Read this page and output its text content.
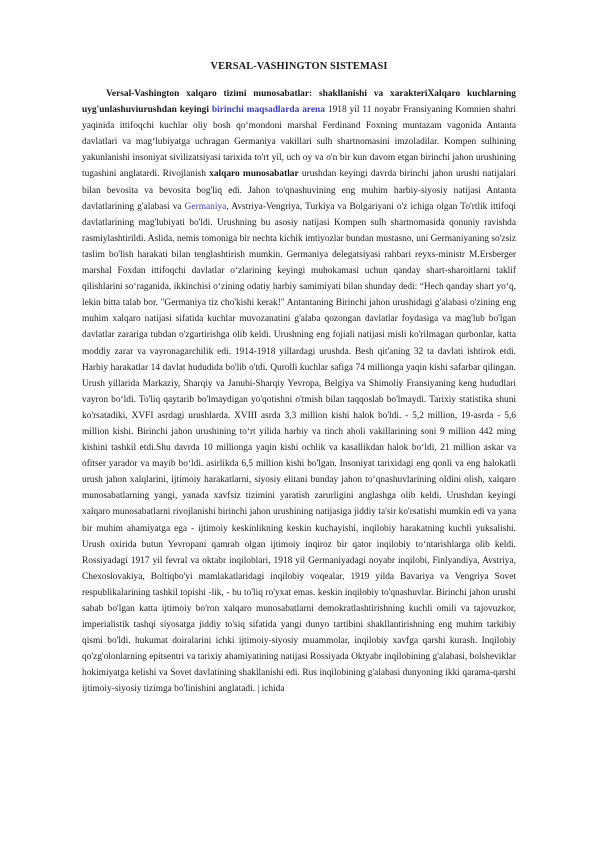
VERSAL-VASHINGTON SISTEMASI

Versal-Vashington xalqaro tizimi munosabatlar: shakllanishi va xarakteriXalqaro kuchlarning uyg'unlashuviurushdan keyingi birinchi maqsadlarda arena 1918 yil 11 noyabr Fransiyaning Komnien shahri yaqinida ittifoqchi kuchlar oliy bosh qo‘mondoni marshal Ferdinand Foxning muntazam vagonida Antanta davlatlari va mag‘lubiyatga uchragan Germaniya vakillari sulh shartnomasini imzoladilar. Kompen sulhining yakunlanishi insoniyat sivilizatsiyasi tarixida to'rt yil, uch oy va o'n bir kun davom etgan birinchi jahon urushining tugashini anglatardi. Rivojlanish xalqaro munosabatlar urushdan keyingi davrda birinchi jahon urushi natijalari bilan bevosita va bevosita bog'liq edi. Jahon to'qnashuvining eng muhim harbiy-siyosiy natijasi Antanta davlatlarining g'alabasi va Germaniya, Avstriya-Vengriya, Turkiya va Bolgariyani o'z ichiga olgan To'rtlik ittifoqi davlatlarining mag'lubiyati bo'ldi. Urushning bu asosiy natijasi Kompen sulh shartnomasida qonuniy ravishda rasmiylashtirildi. Aslida, nemis tomoniga bir nechta kichik imtiyozlar bundan mustasno, uni Germaniyaning so'zsiz taslim bo'lish harakati bilan tenglashtirish mumkin. Germaniya delegatsiyasi rahbari reyxs-ministr M.Ersberger marshal Foxdan ittifoqchi davlatlar o‘zlarining keyingi muhokamasi uchun qanday shart-sharoitlarni taklif qilishlarini so‘raganida, ikkinchisi o‘zining odatiy harbiy samimiyati bilan shunday dedi: “Hech qanday shart yo‘q, lekin bitta talab bor. "Germaniya tiz cho'kishi kerak!" Antantaning Birinchi jahon urushidagi g'alabasi o'zining eng muhim xalqaro natijasi sifatida kuchlar muvozanatini g'alaba qozongan davlatlar foydasiga va mag'lub bo'lgan davlatlar zarariga tubdan o'zgartirishga olib keldi. Urushning eng fojiali natijasi misli ko'rilmagan qurbonlar, katta moddiy zarar va vayronagarchilik edi. 1914-1918 yillardagi urushda. Besh qit'aning 32 ta davlati ishtirok etdi. Harbiy harakatlar 14 davlat hududida bo'lib o'tdi. Qurolli kuchlar safiga 74 millionga yaqin kishi safarbar qilingan. Urush yillarida Markaziy, Sharqiy va Janubi-Sharqiy Yevropa, Belgiya va Shimoliy Fransiyaning keng hududlari vayron bo‘ldi. To'liq qaytarib bo'lmaydigan yo'qotishni o'tmish bilan taqqoslab bo'lmaydi. Tarixiy statistika shuni ko'rsatadiki, XVFI asrdagi urushlarda. XVIII asrda 3,3 million kishi halok bo'ldi. - 5,2 million, 19-asrda - 5,6 million kishi. Birinchi jahon urushining to‘rt yilida harbiy va tinch aholi vakillarining soni 9 million 442 ming kishini tashkil etdi.Shu davrda 10 millionga yaqin kishi ochlik va kasallikdan halok bo‘ldi, 21 million askar va ofitser yarador va mayib bo‘ldi. asirlikda 6,5 million kishi bo'lgan. Insoniyat tarixidagi eng qonli va eng halokatli urush jahon xalqlarini, ijtimoiy harakatlarni, siyosiy elitani bunday jahon to‘qnashuvlarining oldini olish, xalqaro munosabatlarning yangi, yanada xavfsiz tizimini yaratish zarurligini anglashga olib keldi. Urushdan keyingi xalqaro munosabatlarni rivojlanishi birinchi jahon urushining natijasiga jiddiy ta'sir ko'rsatishi mumkin edi va yana bir muhim ahamiyatga ega - ijtimoiy keskinlikning keskin kuchayishi, inqilobiy harakatning kuchli yuksalishi. Urush oxirida butun Yevropani qamrab olgan ijtimoiy inqiroz bir qator inqilobiy to‘ntarishlarga olib keldi. Rossiyadagi 1917 yil fevral va oktabr inqiloblari, 1918 yil Germaniyadagi noyabr inqilobi, Finlyandiya, Avstriya, Chexoslovakiya, Boltiqbo'yi mamlakatlaridagi inqilobiy voqealar, 1919 yilda Bavariya va Vengriya Sovet respublikalarining tashkil topishi -lik, - bu to'liq ro'yxat emas. keskin inqilobiy to'qnashuvlar. Birinchi jahon urushi sabab bo'lgan katta ijtimoiy bo'ron xalqaro munosabatlarni demokratlashtirishning kuchli omili va tajovuzkor, imperialistik tashqi siyosatga jiddiy to'siq sifatida yangi dunyo tartibini shakllantirishning eng muhim tarkibiy qismi bo'ldi. hukumat doiralarini ichki ijtimoiy-siyosiy muammolar, inqilobiy xavfga qarshi kurash. Inqilobiy qo'zg'olonlarning epitsentri va tarixiy ahamiyatining natijasi Rossiyada Oktyabr inqilobining g'alabasi, bolsheviklar hokimiyatga kelishi va Sovet davlatining shakllanishi edi. Rus inqilobining g'alabasi dunyoning ikki qarama-qarshi ijtimoiy-siyosiy tizimga bo'linishini anglatadi. | ichida
